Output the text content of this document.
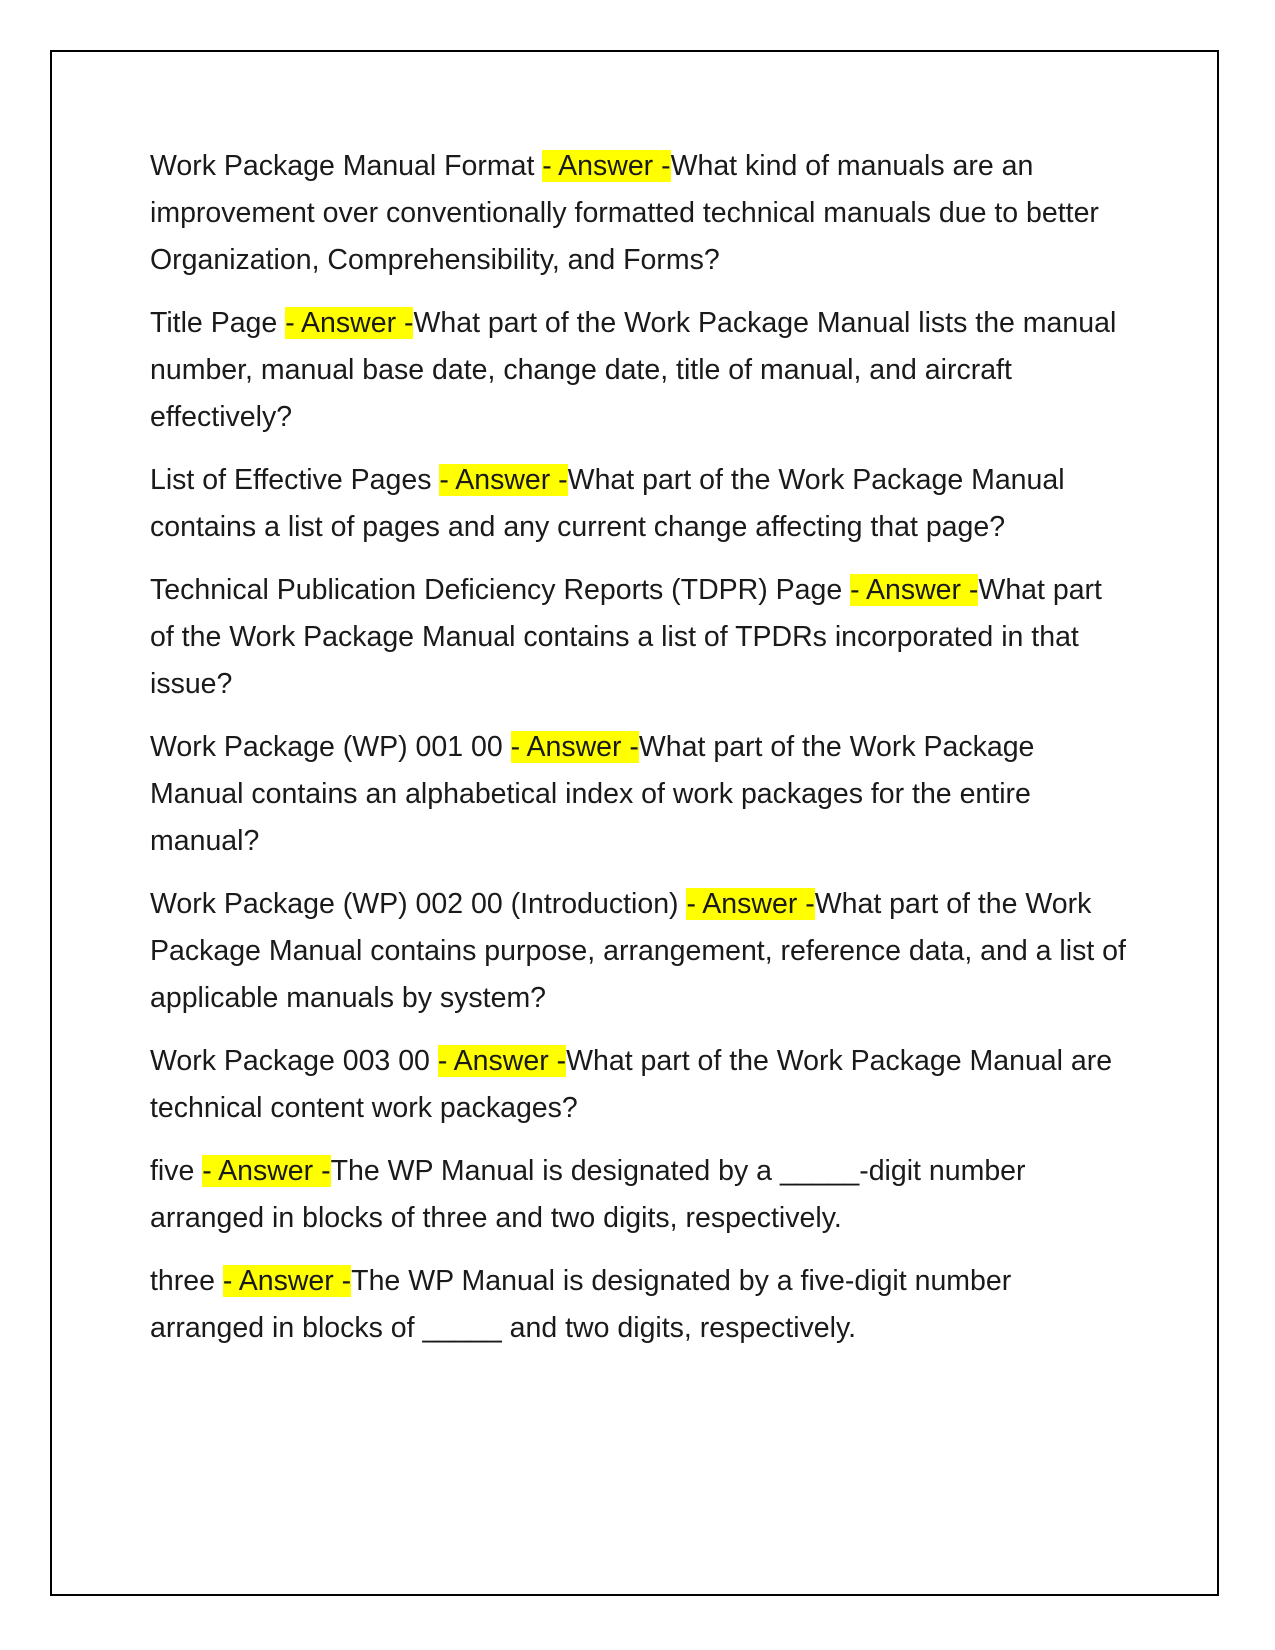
Work Package Manual Format - Answer -What kind of manuals are an improvement over conventionally formatted technical manuals due to better Organization, Comprehensibility, and Forms?

Title Page - Answer -What part of the Work Package Manual lists the manual number, manual base date, change date, title of manual, and aircraft effectively?

List of Effective Pages - Answer -What part of the Work Package Manual contains a list of pages and any current change affecting that page?

Technical Publication Deficiency Reports (TDPR) Page - Answer -What part of the Work Package Manual contains a list of TPDRs incorporated in that issue?

Work Package (WP) 001 00 - Answer -What part of the Work Package Manual contains an alphabetical index of work packages for the entire manual?

Work Package (WP) 002 00 (Introduction) - Answer -What part of the Work Package Manual contains purpose, arrangement, reference data, and a list of applicable manuals by system?

Work Package 003 00 - Answer -What part of the Work Package Manual are technical content work packages?

five - Answer -The WP Manual is designated by a _____-digit number arranged in blocks of three and two digits, respectively.

three - Answer -The WP Manual is designated by a five-digit number arranged in blocks of _____ and two digits, respectively.
